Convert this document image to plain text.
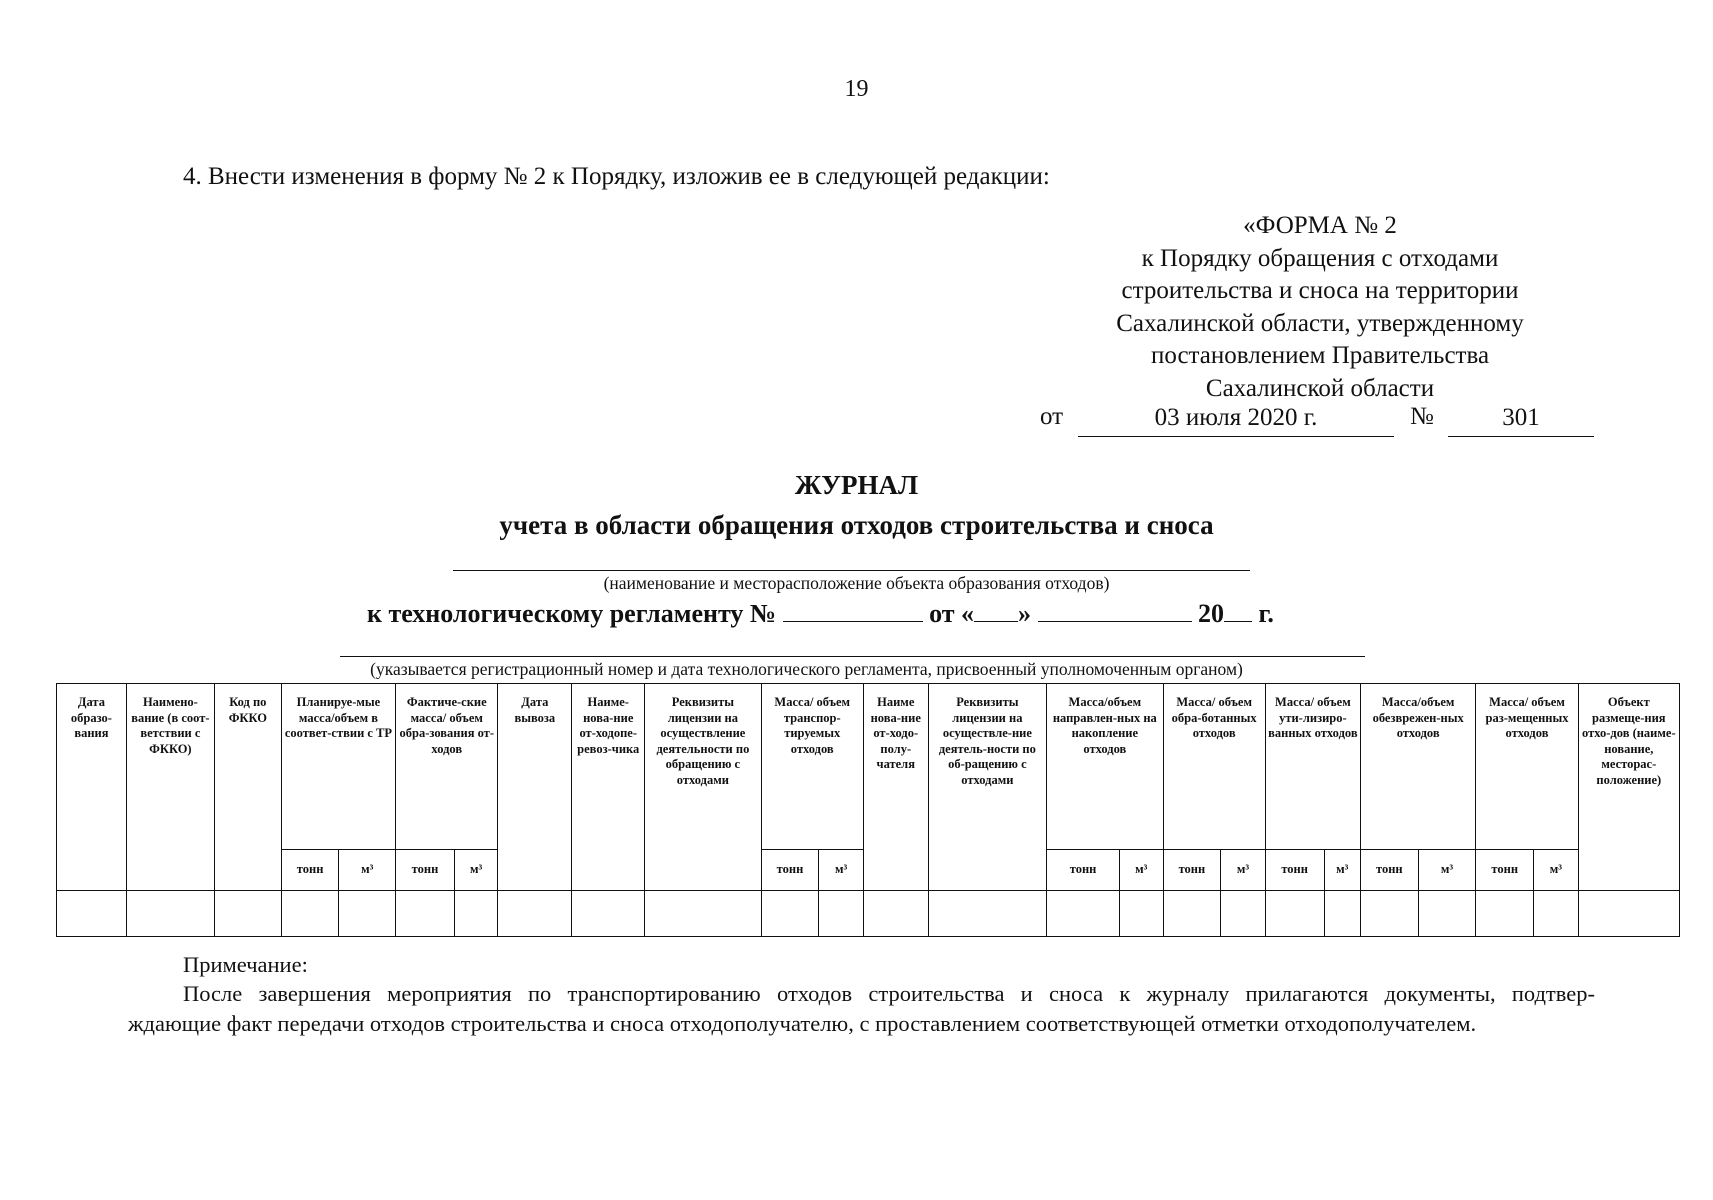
19
4. Внести изменения в форму № 2 к Порядку, изложив ее в следующей редакции:
«ФОРМА № 2
к Порядку обращения с отходами
строительства и сноса на территории
Сахалинской области, утвержденному
постановлением Правительства
Сахалинской области
от	03 июля 2020 г.	№	301
ЖУРНАЛ
учета в области обращения отходов строительства и сноса
(наименование и месторасположение объекта образования отходов)
к технологическому регламенту №	от « »	20 г.
(указывается регистрационный номер и дата технологического регламента, присвоенный уполномоченным органом)
Дата образо-вания	Наимено-вание (в соот-ветствии с ФККО)	Код по ФККО	Планируе-мые масса/объем в соответ-ствии с ТР		Фактиче-ские масса/ объем обра-зования от-ходов		Дата вывоза	Наиме-нова-ние от-ходопе-ревоз-чика	Реквизиты лицензии на осуществление деятельности по обращению с отходами	Масса/ объем транспор-тируемых отходов		Наиме нова-ние от-ходо-полу-чателя	Реквизиты лицензии на осуществле-ние деятель-ности по об-ращению с отходами	Масса/объем направлен-ных на накопление отходов		Масса/ объем обра-ботанных отходов		Масса/ объем ути-лизиро-ванных отходов		Масса/объем обезврежен-ных отходов		Масса/ объем раз-мещенных отходов		Объект размеще-ния отхо-дов (наиме-нование, месторас-положение)
			тонн	м³	тонн	м³				тонн	м³			тонн	м³	тонн	м³	тонн	м³	тонн	м³	тонн	м³	

Примечание:
После завершения мероприятия по транспортированию отходов строительства и сноса к журналу прилагаются документы, подтвер-
ждающие факт передачи отходов строительства и сноса отходополучателю, с проставлением соответствующей отметки отходополучателем.
